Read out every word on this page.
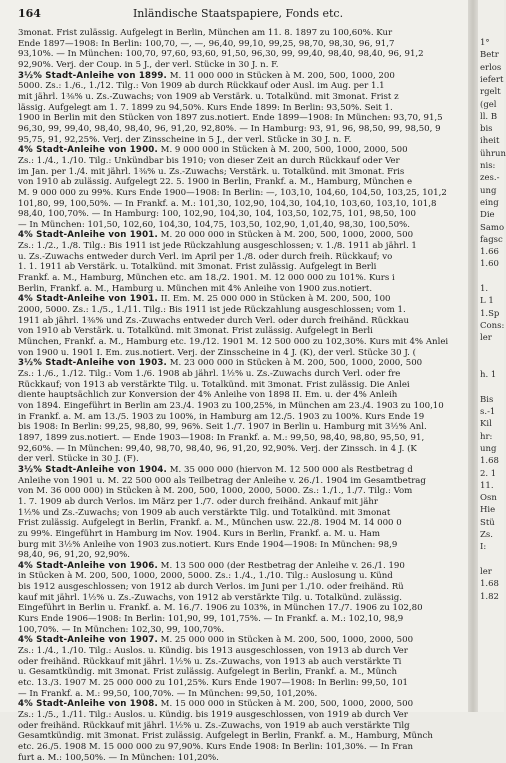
164	Inländische Staatspapiere, Fonds etc.
3monat. Frist zulässig. Aufgelegt in Berlin, München am 11. 8. 1897 zu 100,60%. Kur
Ende 1897—1908: In Berlin: 100,70, —, —, 96,40, 99,10, 99,25, 98,70, 98,30, 96, 91,7
93,10%. — In München: 100,70, 97,60, 93,60, 91,50, 96,30, 99, 99,40, 98,40, 98,40, 96, 91,2
92,90%. Verj. der Coup. in 5 J., der verl. Stücke in 30 J. n. F.
3½% Stadt-Anleihe von 1899. M. 11 000 000 in Stücken à M. 200, 500, 1000, 200
5000. Zs.: 1./6., 1./12. Tilg.: Von 1909 ab durch Rückkauf oder Ausl. im Aug. per 1.1
mit jährl. 1⅜% u. Zs.-Zuwachs; von 1909 ab Verstärk. u. Totalkünd. mit 3monat. Frist z
lässig. Aufgelegt am 1. 7. 1899 zu 94,50%. Kurs Ende 1899: In Berlin: 93,50%. Seit 1.
1900 in Berlin mit den Stücken von 1897 zus.notiert. Ende 1899—1908: In München: 93,70, 91,5
96,30, 99, 99,40, 98,40, 98,40, 96, 91,20, 92,80%. — In Hamburg: 93, 91, 96, 98,50, 99, 98,50, 9
95,75, 91, 92,25%. Verj. der Zinsscheine in 5 J., der verl. Stücke in 30 J. n. F.
4% Stadt-Anleihe von 1900. M. 9 000 000 in Stücken à M. 200, 500, 1000, 2000, 500
Zs.: 1./4., 1./10. Tilg.: Unkündbar bis 1910; von dieser Zeit an durch Rückkauf oder Ver
im Jan. per 1./4. mit jährl. 1⅜% u. Zs.-Zuwachs; Verstärk. u. Totalkünd. mit 3monat. Fris
von 1910 ab zulässig. Aufgelegt 22. 5. 1900 in Berlin, Frankf. a. M., Hamburg, München e
M. 9 000 000 zu 99%. Kurs Ende 1900—1908: In Berlin: —, 103,10, 104,60, 104,50, 103,25, 101,2
101,80, 99, 100,50%. — In Frankf. a. M.: 101,30, 102,90, 104,30, 104,10, 103,60, 103,10, 101,8
98,40, 100,70%. — In Hamburg: 100, 102,90, 104,30, 104, 103,50, 102,75, 101, 98,50, 100
— In München: 101,50, 102,60, 104,30, 104,75, 103,50, 102,90, 1,01,40, 98,30, 100,50%.
4% Stadt-Anleihe von 1901. M. 20 000 000 in Stücken à M. 200, 500, 1000, 2000, 500
Zs.: 1./2., 1./8. Tilg.: Bis 1911 ist jede Rückzahlung ausgeschlossen; v. 1./8. 1911 ab jährl. 1
u. Zs.-Zuwachs entweder durch Verl. im April per 1./8. oder durch freih. Rückkauf; vo
1. 1. 1911 ab Verstärk. u. Totalkünd. mit 3monat. Frist zulässig. Aufgelegt in Berli
Frankf. a. M., Hamburg, München etc. am 18./2. 1901. M. 12 000 000 zu 101%. Kurs i
Berlin, Frankf. a. M., Hamburg u. München mit 4% Anleihe von 1900 zus.notiert.
4% Stadt-Anleihe von 1901. II. Em. M. 25 000 000 in Stücken à M. 200, 500, 100
2000, 5000. Zs.: 1./5., 1./11. Tilg.: Bis 1911 ist jede Rückzahlung ausgeschlossen; vom 1.
1911 ab jährl. 1⅜% und Zs.-Zuwachs entweder durch Verl. oder durch freihänd. Rückkau
von 1910 ab Verstärk. u. Totalkünd. mit 3monat. Frist zulässig. Aufgelegt in Berli
München, Frankf. a. M., Hamburg etc. 19./12. 1901 M. 12 500 000 zu 102,30%. Kurs mit 4% Anlei
von 1900 u. 1901 I. Em. zus.notiert. Verj. der Zinsscheine in 4 J. (K), der verl. Stücke 30 J. (
3½% Stadt-Anleihe von 1903. M. 23 000 000 in Stücken à M. 200, 500, 1000, 2000, 500
Zs.: 1./6., 1./12. Tilg.: Vom 1./6. 1908 ab jährl. 1½% u. Zs.-Zuwachs durch Verl. oder fre
Rückkauf; von 1913 ab verstärkte Tilg. u. Totalkünd. mit 3monat. Frist zulässig. Die Anlei
diente hauptsächlich zur Konversion der 4% Anleihe von 1898 II. Em. u. der 4% Anleih
von 1894. Eingeführt in Berlin am 23./4. 1903 zu 100,25%, in München am 23./4. 1903 zu 100,10
in Frankf. a. M. am 13./5. 1903 zu 100%, in Hamburg am 12./5. 1903 zu 100%. Kurs Ende 19
bis 1908: In Berlin: 99,25, 98,80, 99, 96%. Seit 1./7. 1907 in Berlin u. Hamburg mit 3½% Anl.
1897, 1899 zus.notiert. — Ende 1903—1908: In Frankf. a. M.: 99,50, 98,40, 98,80, 95,50, 91,
92,60%. — In München: 99,40, 98,70, 98,40, 96, 91,20, 92,90%. Verj. der Zinssch. in 4 J. (K
der verl. Stücke in 30 J. (F).
3½% Stadt-Anleihe von 1904. M. 35 000 000 (hiervon M. 12 500 000 als Restbetrag d
Anleihe von 1901 u. M. 22 500 000 als Teilbetrag der Anleihe v. 26./1. 1904 im Gesamtbetrag
von M. 36 000 000) in Stücken à M. 200, 500, 1000, 2000, 5000. Zs.: 1./1., 1./7. Tilg.: Vom
1. 7. 1909 ab durch Verlos. im März per 1./7. oder durch freihänd. Ankauf mit jähr
1½% und Zs.-Zuwachs; von 1909 ab auch verstärkte Tilg. und Totalkünd. mit 3monat
Frist zulässig. Aufgelegt in Berlin, Frankf. a. M., München usw. 22./8. 1904 M. 14 000 0
zu 99%. Eingeführt in Hamburg im Nov. 1904. Kurs in Berlin, Frankf. a. M. u. Ham
burg mit 3½% Anleihe von 1903 zus.notiert. Kurs Ende 1904—1908: In München: 98,9
98,40, 96, 91,20, 92,90%.
4% Stadt-Anleihe von 1906. M. 13 500 000 (der Restbetrag der Anleihe v. 26./1. 190
in Stücken à M. 200, 500, 1000, 2000, 5000. Zs.: 1./4., 1./10. Tilg.: Auslosung u. Künd
bis 1912 ausgeschlossen; von 1912 ab durch Verlos. im Juni per 1./10. oder freihänd. Rü
kauf mit jährl. 1½% u. Zs.-Zuwachs, von 1912 ab verstärkte Tilg. u. Totalkünd. zulässig.
Eingeführt in Berlin u. Frankf. a. M. 16./7. 1906 zu 103%, in München 17./7. 1906 zu 102,80
Kurs Ende 1906—1908: In Berlin: 101,90, 99, 101,75%. — In Frankf. a. M.: 102,10, 98,9
100,70%. — In München: 102,30, 99, 100,70%.
4% Stadt-Anleihe von 1907. M. 25 000 000 in Stücken à M. 200, 500, 1000, 2000, 500
Zs.: 1./4., 1./10. Tilg.: Auslos. u. Kündig. bis 1913 ausgeschlossen, von 1913 ab durch Ver
oder freihänd. Rückkauf mit jährl. 1½% u. Zs.-Zuwachs, von 1913 ab auch verstärkte Ti
u. Gesamtkündig. mit 3monat. Frist zulässig. Aufgelegt in Berlin, Frankf. a. M., Münch
etc. 13./3. 1907 M. 25 000 000 zu 101,25%. Kurs Ende 1907—1908: In Berlin: 99,50, 101
— In Frankf. a. M.: 99,50, 100,70%. — In München: 99,50, 101,20%.
4% Stadt-Anleihe von 1908. M. 15 000 000 in Stücken à M. 200, 500, 1000, 2000, 500
Zs.: 1./5., 1./11. Tilg.: Auslos. u. Kündig. bis 1919 ausgeschlossen, von 1919 ab durch Ver
oder freihänd. Rückkauf mit jährl. 1½% u. Zs.-Zuwachs, von 1919 ab auch verstärkte Tilg
Gesamtkündig. mit 3monat. Frist zulässig. Aufgelegt in Berlin, Frankf. a. M., Hamburg, Münch
etc. 26./5. 1908 M. 15 000 000 zu 97,90%. Kurs Ende 1908: In Berlin: 101,30%. — In Fran
furt a. M.: 100,50%. — In München: 101,20%.
1°
Betr
erlos
iefert
rgelt
(gel
ll. B
bis
iheit
ührun
nis:
zes.-
ung
eing
Die
Samo
fagsc
1.66
1.60
1.
L 1
1.Sp
Cons:
ler
h. 1
Bis
s.-1
Kil
hr:
ung
1.68
2. 1
11.
Osn
Hie
Stü
Zs.
I:
ler
1.68
1.82
